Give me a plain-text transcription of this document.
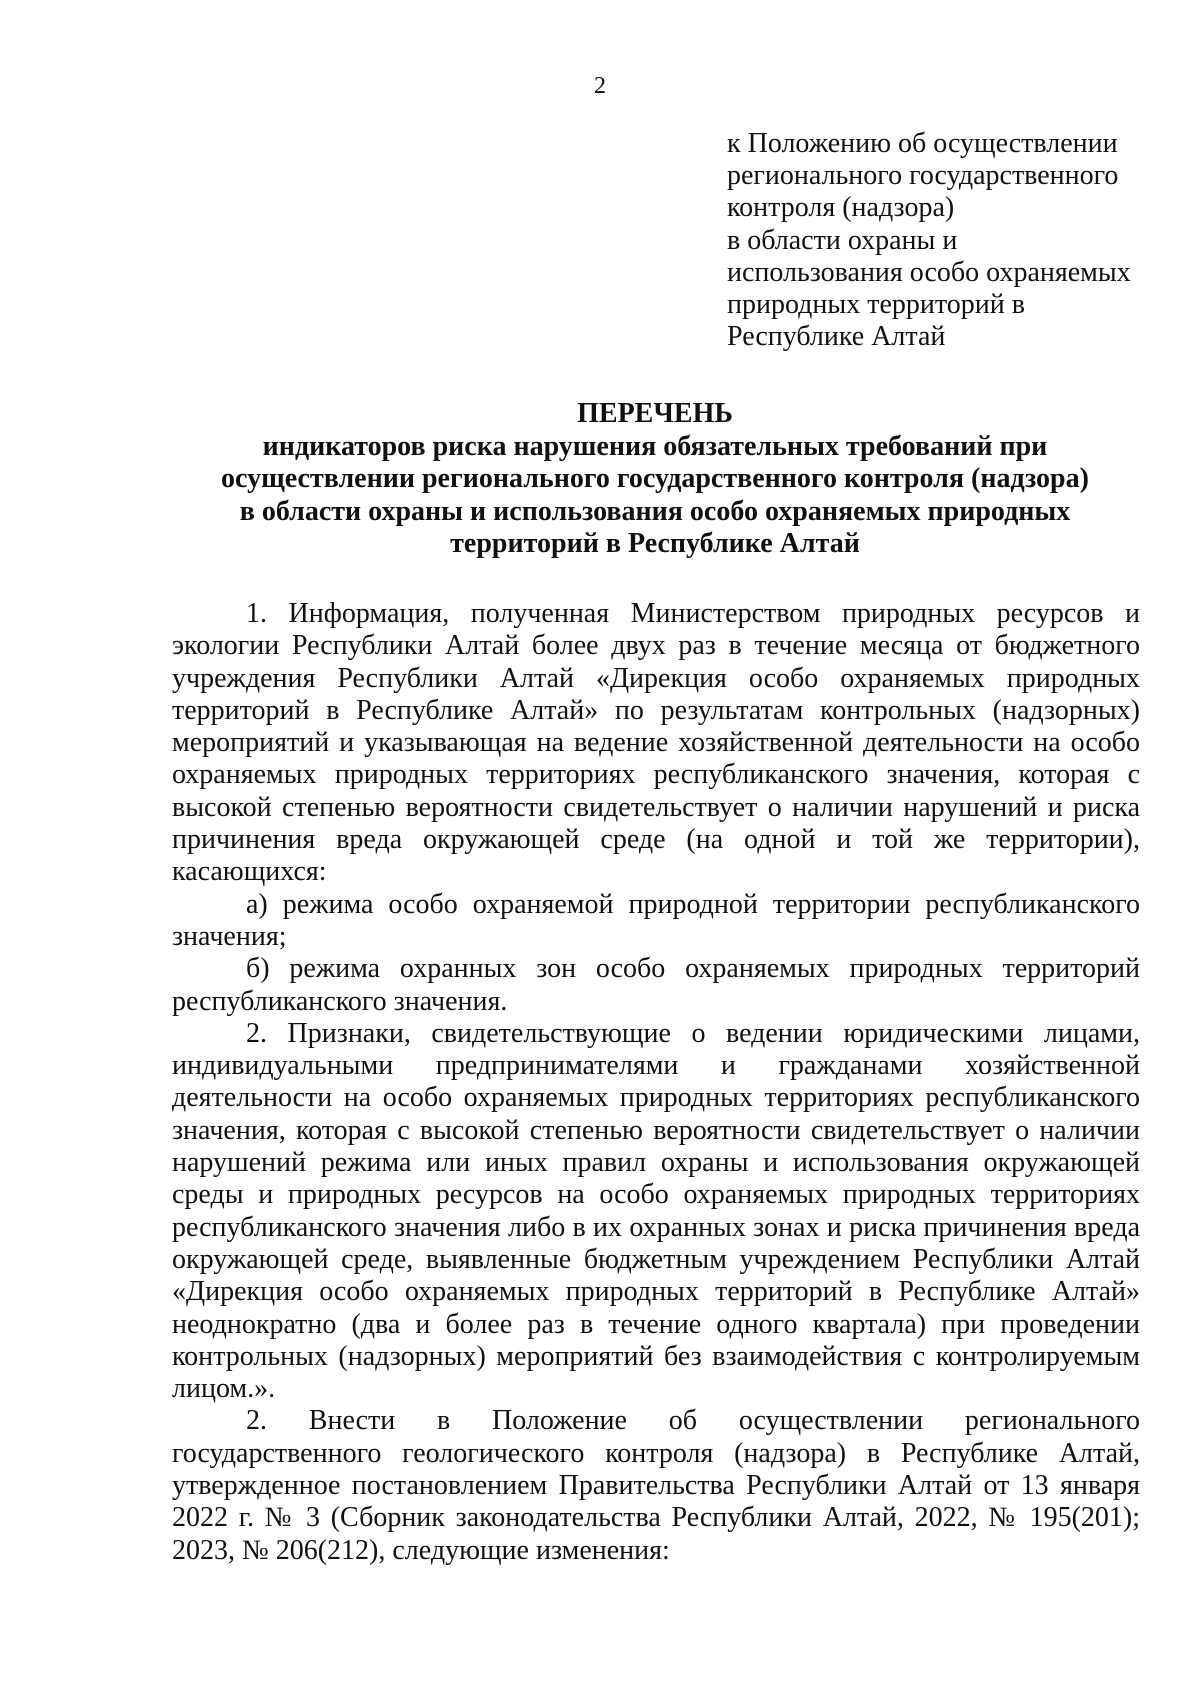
2
к Положению об осуществлении
регионального государственного
контроля (надзора)
в области охраны и
использования особо охраняемых
природных территорий в
Республике Алтай
ПЕРЕЧЕНЬ
индикаторов риска нарушения обязательных требований при
осуществлении регионального государственного контроля (надзора)
в области охраны и использования особо охраняемых природных
территорий в Республике Алтай

1. Информация, полученная Министерством природных ресурсов и экологии Республики Алтай более двух раз в течение месяца от бюджетного учреждения Республики Алтай «Дирекция особо охраняемых природных территорий в Республике Алтай» по результатам контрольных (надзорных) мероприятий и указывающая на ведение хозяйственной деятельности на особо охраняемых природных территориях республиканского значения, которая с высокой степенью вероятности свидетельствует о наличии нарушений и риска причинения вреда окружающей среде (на одной и той же территории), касающихся:

а) режима особо охраняемой природной территории республиканского значения;

б) режима охранных зон особо охраняемых природных территорий республиканского значения.

2. Признаки, свидетельствующие о ведении юридическими лицами, индивидуальными предпринимателями и гражданами хозяйственной деятельности на особо охраняемых природных территориях республиканского значения, которая с высокой степенью вероятности свидетельствует о наличии нарушений режима или иных правил охраны и использования окружающей среды и природных ресурсов на особо охраняемых природных территориях республиканского значения либо в их охранных зонах и риска причинения вреда окружающей среде, выявленные бюджетным учреждением Республики Алтай «Дирекция особо охраняемых природных территорий в Республике Алтай» неоднократно (два и более раз в течение одного квартала) при проведении контрольных (надзорных) мероприятий без взаимодействия с контролируемым лицом.».

2. Внести в Положение об осуществлении регионального государственного геологического контроля (надзора) в Республике Алтай, утвержденное постановлением Правительства Республики Алтай от 13 января 2022 г. № 3 (Сборник законодательства Республики Алтай, 2022, № 195(201); 2023, № 206(212), следующие изменения:
